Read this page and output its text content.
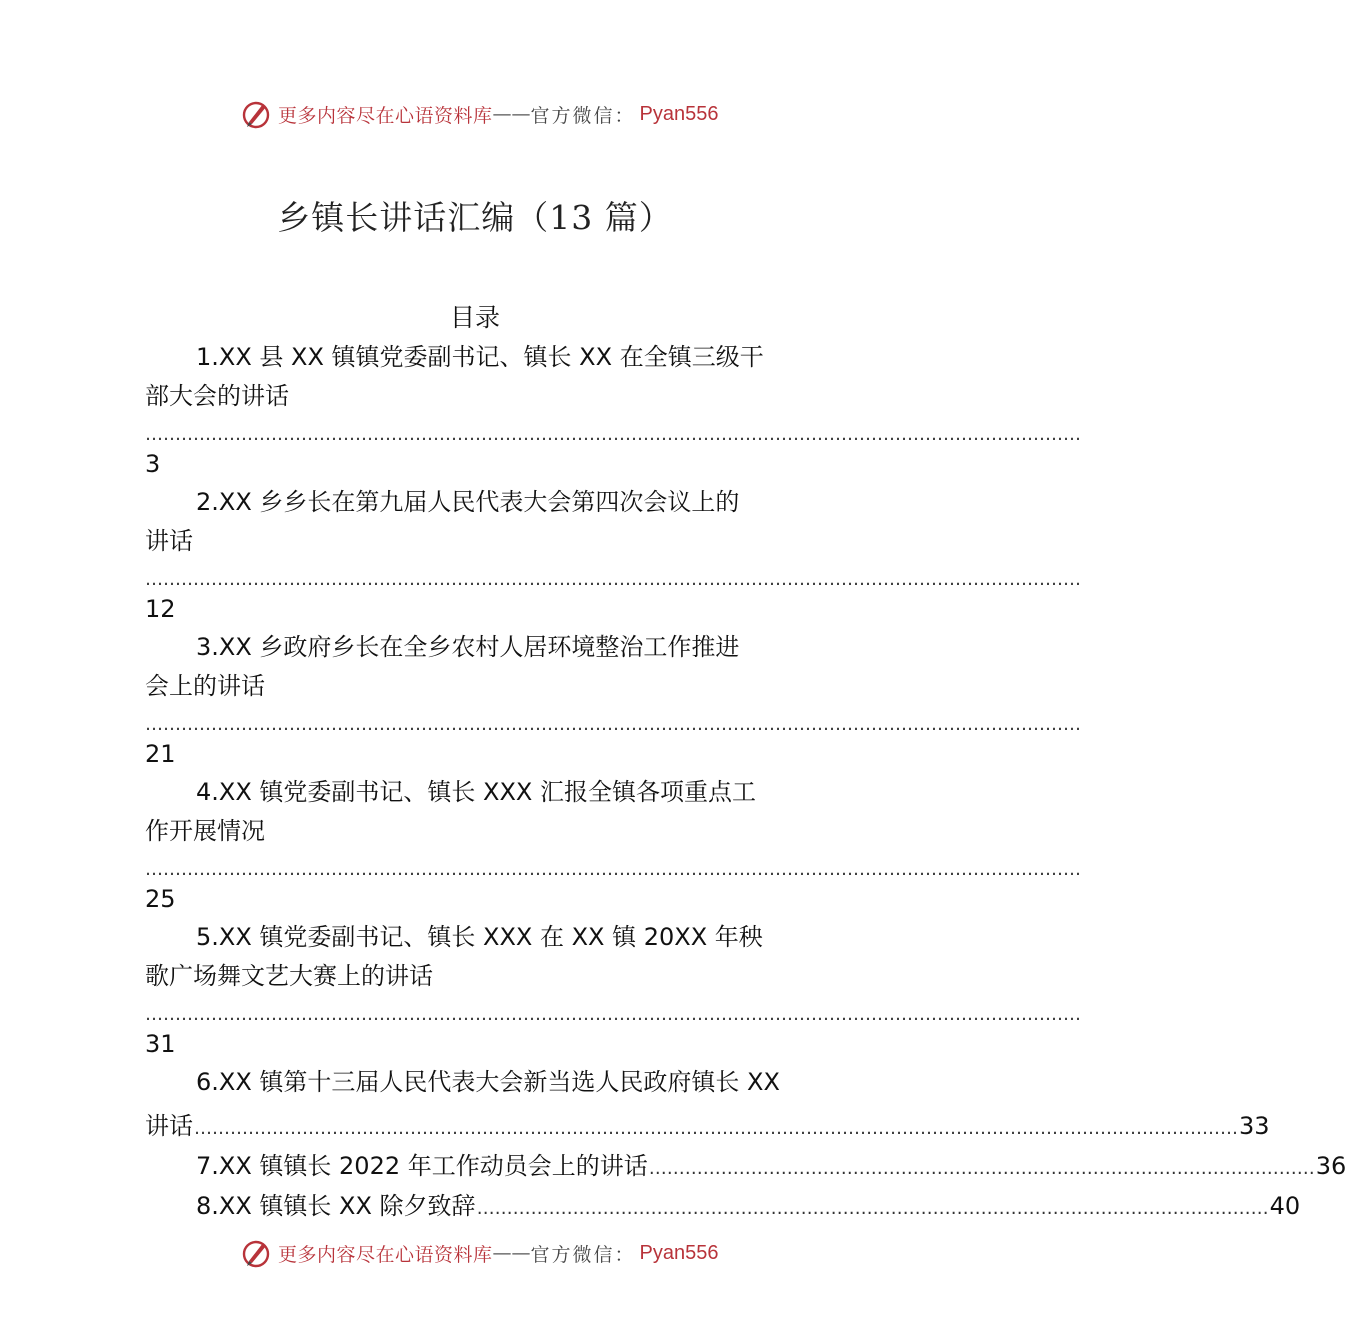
更多内容尽在心语资料库 —— 官方微信： Pyan556
乡镇长讲话汇编（13 篇）
目录
1.XX 县 XX 镇镇党委副书记、镇长 XX 在全镇三级干
部大会的讲话
…………………………………………………………………………………………………………………………………………
3
2.XX 乡乡长在第九届人民代表大会第四次会议上的
讲话
…………………………………………………………………………………………………………………………………………
12
3.XX 乡政府乡长在全乡农村人居环境整治工作推进
会上的讲话
…………………………………………………………………………………………………………………………………………
21
4.XX 镇党委副书记、镇长 XXX 汇报全镇各项重点工
作开展情况
…………………………………………………………………………………………………………………………………………
25
5.XX 镇党委副书记、镇长 XXX 在 XX 镇 20XX 年秧
歌广场舞文艺大赛上的讲话
…………………………………………………………………………………………………………………………………………
31
6.XX 镇第十三届人民代表大会新当选人民政府镇长 XX
讲话 ………………………………………………………………………………………………………………………………………………………… 33
7.XX 镇镇长 2022 年工作动员会上的讲话 ………………………………………………………………………………………………… 36
8.XX 镇镇长 XX 除夕致辞 …………………………………………………………………………………………………………………… 40
更多内容尽在心语资料库 —— 官方微信： Pyan556
